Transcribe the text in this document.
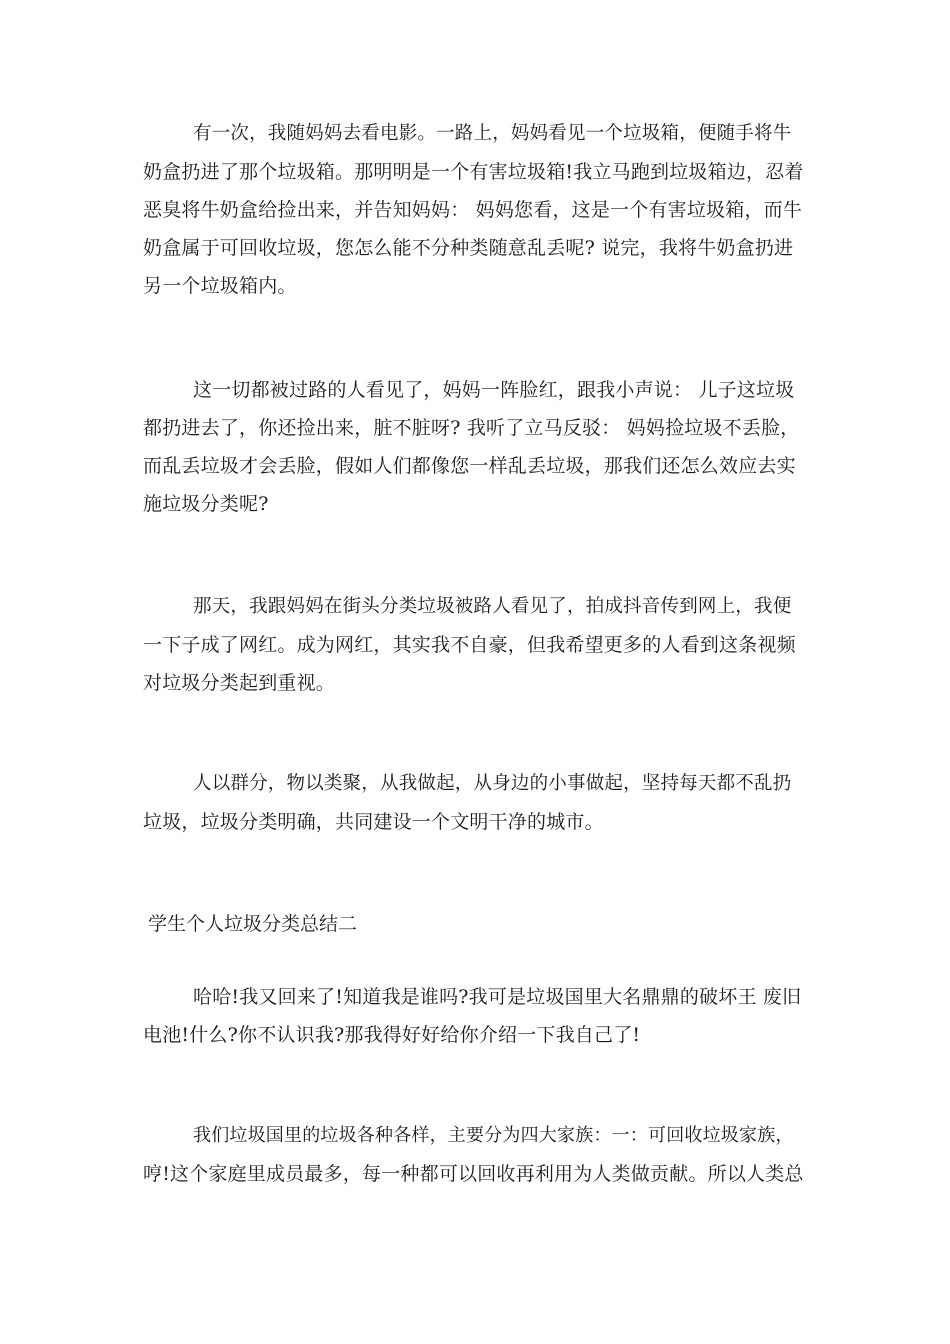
有一次，我随妈妈去看电影。一路上，妈妈看见一个垃圾箱，便随手将牛
奶盒扔进了那个垃圾箱。那明明是一个有害垃圾箱!我立马跑到垃圾箱边，忍着
恶臭将牛奶盒给捡出来，并告知妈妈： 妈妈您看，这是一个有害垃圾箱，而牛
奶盒属于可回收垃圾，您怎么能不分种类随意乱丢呢? 说完，我将牛奶盒扔进
另一个垃圾箱内。
这一切都被过路的人看见了，妈妈一阵脸红，跟我小声说： 儿子这垃圾
都扔进去了，你还捡出来，脏不脏呀? 我听了立马反驳： 妈妈捡垃圾不丢脸，
而乱丢垃圾才会丢脸，假如人们都像您一样乱丢垃圾，那我们还怎么效应去实
施垃圾分类呢?
那天，我跟妈妈在街头分类垃圾被路人看见了，拍成抖音传到网上，我便
一下子成了网红。成为网红，其实我不自豪，但我希望更多的人看到这条视频
对垃圾分类起到重视。
人以群分，物以类聚，从我做起，从身边的小事做起，坚持每天都不乱扔
垃圾，垃圾分类明确，共同建设一个文明干净的城市。
学生个人垃圾分类总结二
哈哈!我又回来了!知道我是谁吗?我可是垃圾国里大名鼎鼎的破坏王 废旧
电池!什么?你不认识我?那我得好好给你介绍一下我自己了!
我们垃圾国里的垃圾各种各样，主要分为四大家族：一：可回收垃圾家族，
哼!这个家庭里成员最多，每一种都可以回收再利用为人类做贡献。所以人类总
